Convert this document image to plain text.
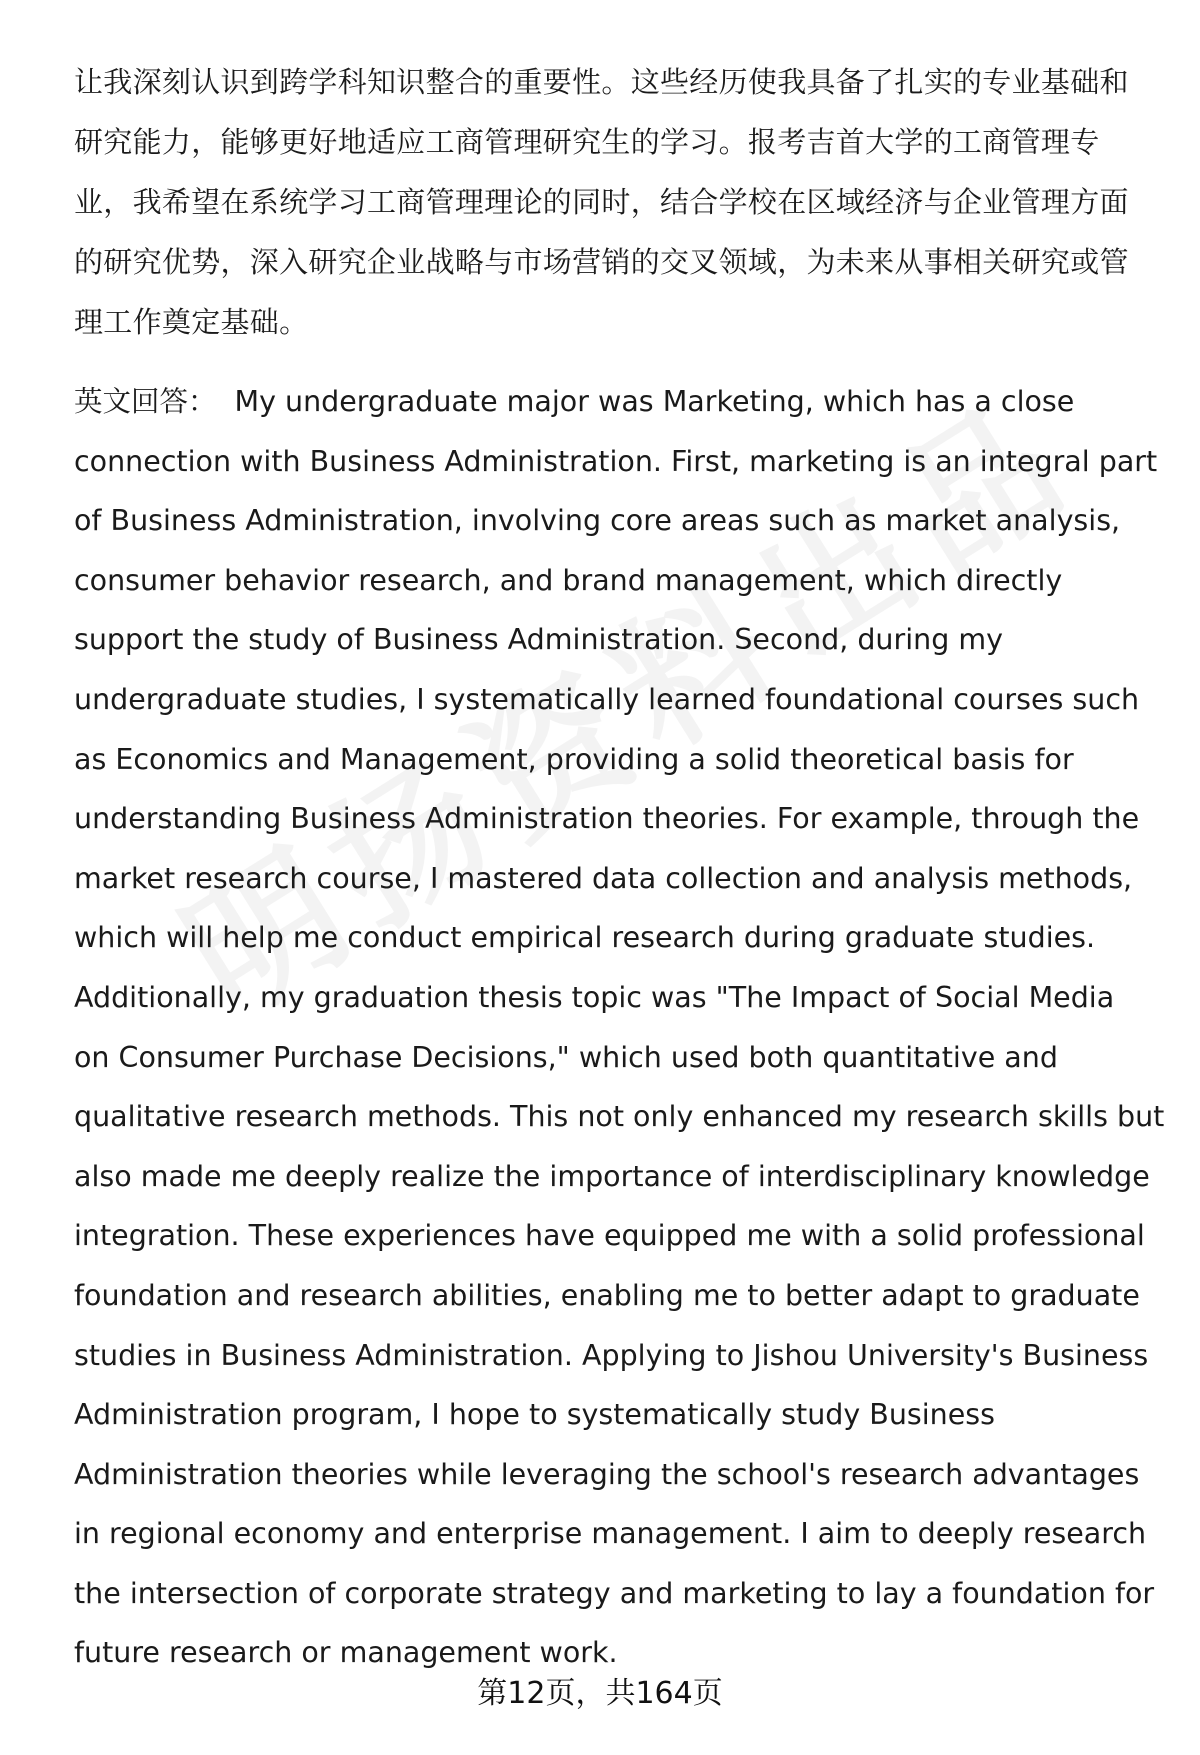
让我深刻认识到跨学科知识整合的重要性。这些经历使我具备了扎实的专业基础和
研究能力，能够更好地适应工商管理研究生的学习。报考吉首大学的工商管理专
业，我希望在系统学习工商管理理论的同时，结合学校在区域经济与企业管理方面
的研究优势，深入研究企业战略与市场营销的交叉领域，为未来从事相关研究或管
理工作奠定基础。

英文回答： My undergraduate major was Marketing, which has a close
connection with Business Administration. First, marketing is an integral part
of Business Administration, involving core areas such as market analysis,
consumer behavior research, and brand management, which directly
support the study of Business Administration. Second, during my
undergraduate studies, I systematically learned foundational courses such
as Economics and Management, providing a solid theoretical basis for
understanding Business Administration theories. For example, through the
market research course, I mastered data collection and analysis methods,
which will help me conduct empirical research during graduate studies.
Additionally, my graduation thesis topic was "The Impact of Social Media
on Consumer Purchase Decisions," which used both quantitative and
qualitative research methods. This not only enhanced my research skills but
also made me deeply realize the importance of interdisciplinary knowledge
integration. These experiences have equipped me with a solid professional
foundation and research abilities, enabling me to better adapt to graduate
studies in Business Administration. Applying to Jishou University's Business
Administration program, I hope to systematically study Business
Administration theories while leveraging the school's research advantages
in regional economy and enterprise management. I aim to deeply research
the intersection of corporate strategy and marketing to lay a foundation for
future research or management work.

第12页，共164页
